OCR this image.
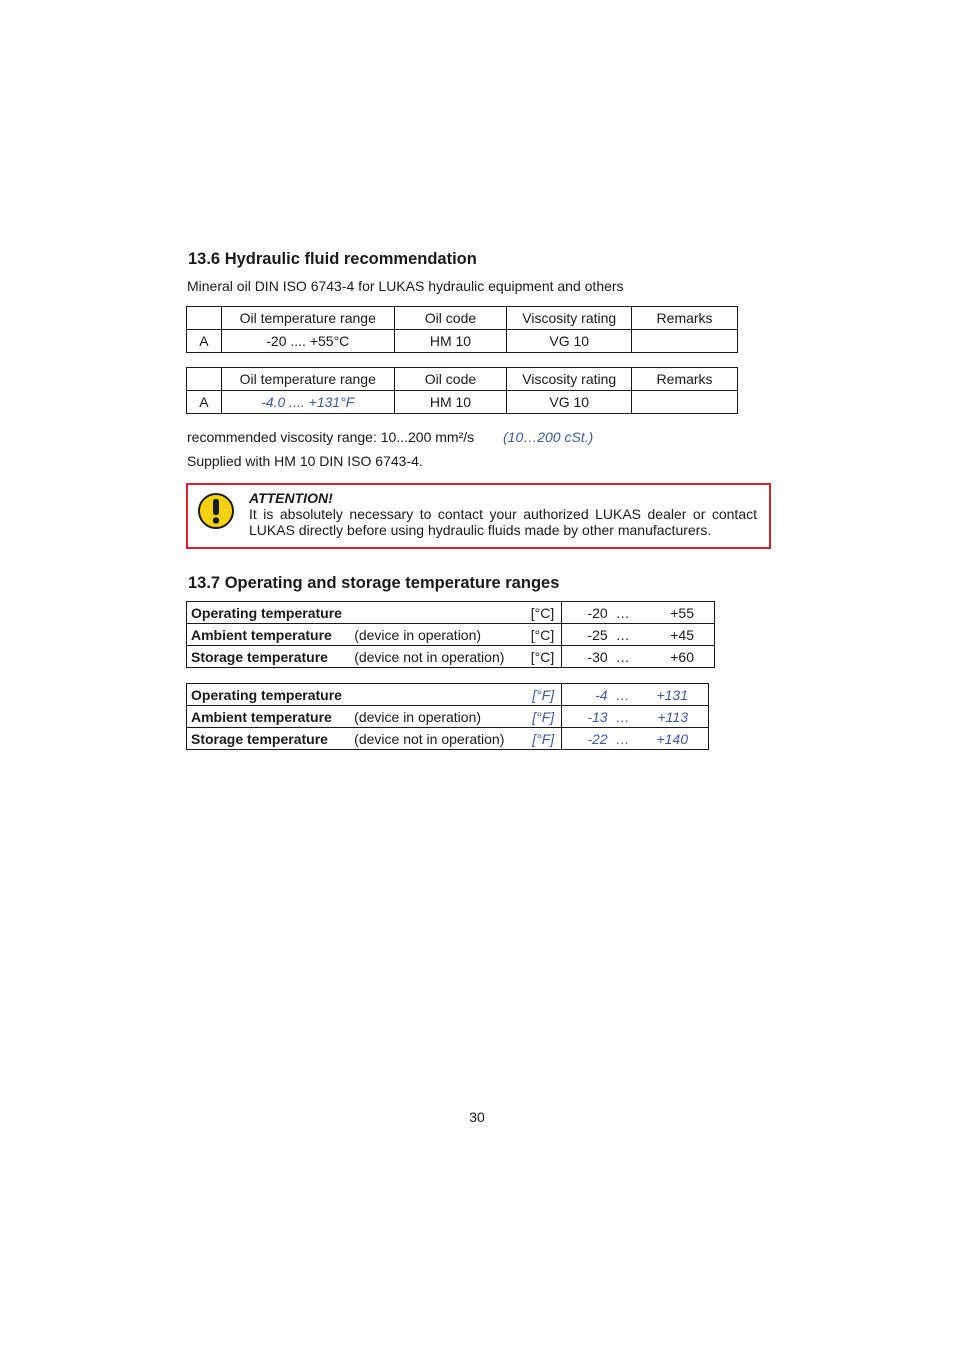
13.6 Hydraulic fluid recommendation
Mineral oil DIN ISO 6743-4 for LUKAS hydraulic equipment and others
	Oil temperature range	Oil code	Viscosity rating	Remarks
A	-20 .... +55°C	HM 10	VG 10	
	Oil temperature range	Oil code	Viscosity rating	Remarks
A	-4.0 .... +131°F	HM 10	VG 10	
recommended viscosity range: 10...200 mm²/s (10…200 cSt.)
Supplied with HM 10 DIN ISO 6743-4.
ATTENTION!
It is absolutely necessary to contact your authorized LUKAS dealer or contact LUKAS directly before using hydraulic fluids made by other manufacturers.
13.7 Operating and storage temperature ranges
Operating temperature		[°C]	-20	…	+55
Ambient temperature	(device in operation)	[°C]	-25	…	+45
Storage temperature	(device not in operation)	[°C]	-30	…	+60
Operating temperature		[°F]	-4	…	+131
Ambient temperature	(device in operation)	[°F]	-13	…	+113
Storage temperature	(device not in operation)	[°F]	-22	…	+140
30
